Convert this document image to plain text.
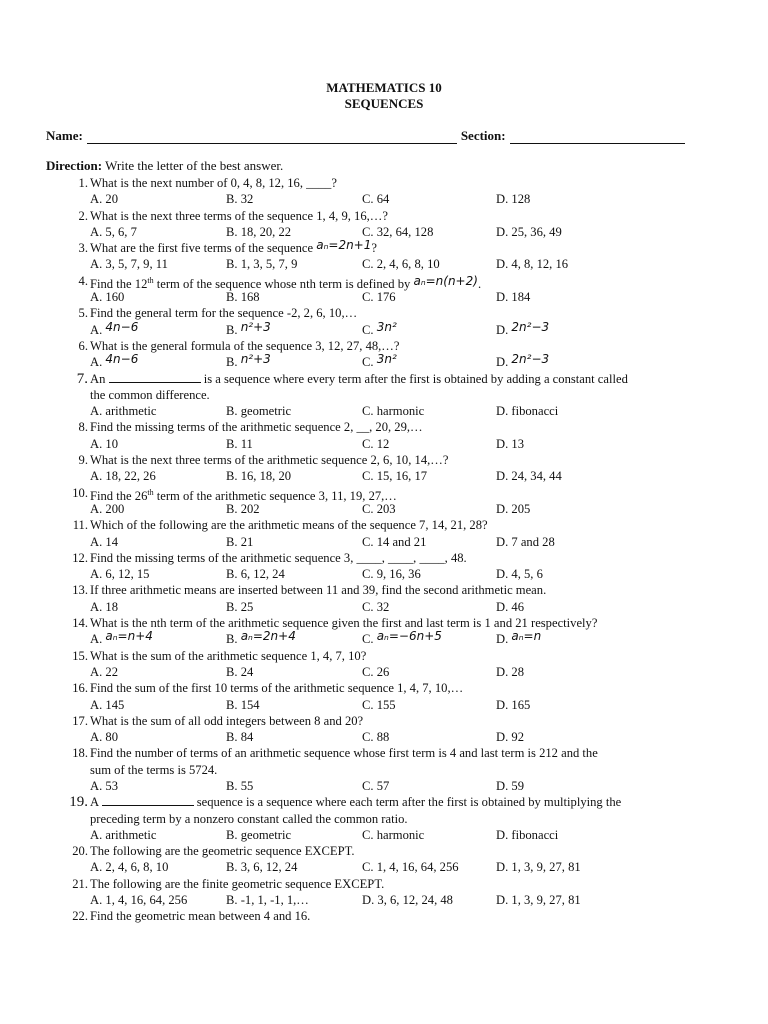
MATHEMATICS 10
SEQUENCES
Name:	Section:
Direction: Write the letter of the best answer.
1. What is the next number of 0, 4, 8, 12, 16, ____?
A. 20	B. 32	C. 64	D. 128
2. What is the next three terms of the sequence 1, 4, 9, 16,…?
A. 5, 6, 7	B. 18, 20, 22	C. 32, 64, 128	D. 25, 36, 49
3. What are the first five terms of the sequence aₙ=2n+1?
A. 3, 5, 7, 9, 11	B. 1, 3, 5, 7, 9	C. 2, 4, 6, 8, 10	D. 4, 8, 12, 16
4. Find the 12th term of the sequence whose nth term is defined by aₙ=n(n+2).
A. 160	B. 168	C. 176	D. 184
5. Find the general term for the sequence -2, 2, 6, 10,…
A. 4n−6	B. n²+3	C. 3n²	D. 2n²−3
6. What is the general formula of the sequence 3, 12, 27, 48,…?
A. 4n−6	B. n²+3	C. 3n²	D. 2n²−3
7. An	is a sequence where every term after the first is obtained by adding a constant called
the common difference.
A. arithmetic	B. geometric	C. harmonic	D. fibonacci
8. Find the missing terms of the arithmetic sequence 2, __, 20, 29,…
A. 10	B. 11	C. 12	D. 13
9. What is the next three terms of the arithmetic sequence 2, 6, 10, 14,…?
A. 18, 22, 26	B. 16, 18, 20	C. 15, 16, 17	D. 24, 34, 44
10. Find the 26th term of the arithmetic sequence 3, 11, 19, 27,…
A. 200	B. 202	C. 203	D. 205
11. Which of the following are the arithmetic means of the sequence 7, 14, 21, 28?
A. 14	B. 21	C. 14 and 21	D. 7 and 28
12. Find the missing terms of the arithmetic sequence 3, ____, ____, ____, 48.
A. 6, 12, 15	B. 6, 12, 24	C. 9, 16, 36	D. 4, 5, 6
13. If three arithmetic means are inserted between 11 and 39, find the second arithmetic mean.
A. 18	B. 25	C. 32	D. 46
14. What is the nth term of the arithmetic sequence given the first and last term is 1 and 21 respectively?
A. aₙ=n+4	B. aₙ=2n+4	C. aₙ=−6n+5	D. aₙ=n
15. What is the sum of the arithmetic sequence 1, 4, 7, 10?
A. 22	B. 24	C. 26	D. 28
16. Find the sum of the first 10 terms of the arithmetic sequence 1, 4, 7, 10,…
A. 145	B. 154	C. 155	D. 165
17. What is the sum of all odd integers between 8 and 20?
A. 80	B. 84	C. 88	D. 92
18. Find the number of terms of an arithmetic sequence whose first term is 4 and last term is 212 and the
sum of the terms is 5724.
A. 53	B. 55	C. 57	D. 59
19. A	sequence is a sequence where each term after the first is obtained by multiplying the
preceding term by a nonzero constant called the common ratio.
A. arithmetic	B. geometric	C. harmonic	D. fibonacci
20. The following are the geometric sequence EXCEPT.
A. 2, 4, 6, 8, 10	B. 3, 6, 12, 24	C. 1, 4, 16, 64, 256	D. 1, 3, 9, 27, 81
21. The following are the finite geometric sequence EXCEPT.
A. 1, 4, 16, 64, 256	B. -1, 1, -1, 1,…	D. 3, 6, 12, 24, 48	D. 1, 3, 9, 27, 81
22. Find the geometric mean between 4 and 16.
